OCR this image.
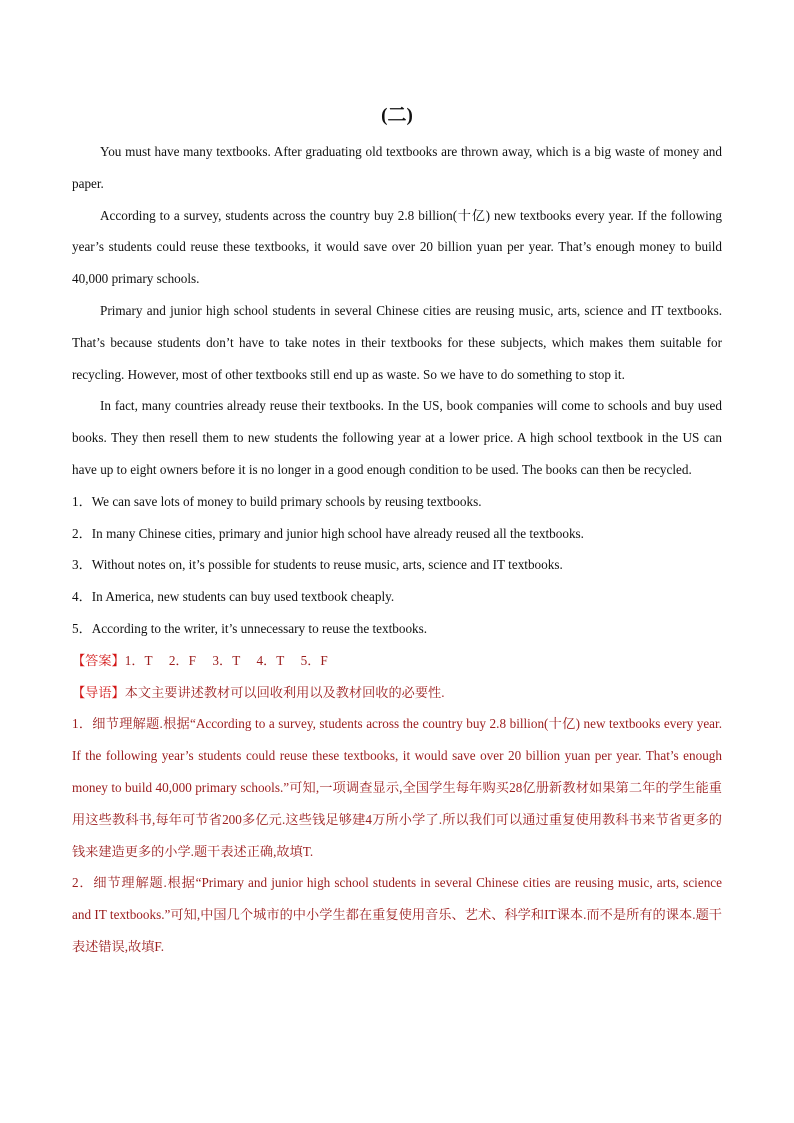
(二)

You must have many textbooks. After graduating old textbooks are thrown away, which is a big waste of money and paper.

According to a survey, students across the country buy 2.8 billion(十亿) new textbooks every year. If the following year’s students could reuse these textbooks, it would save over 20 billion yuan per year. That’s enough money to build 40,000 primary schools.

Primary and junior high school students in several Chinese cities are reusing music, arts, science and IT textbooks. That’s because students don’t have to take notes in their textbooks for these subjects, which makes them suitable for recycling. However, most of other textbooks still end up as waste. So we have to do something to stop it.

In fact, many countries already reuse their textbooks. In the US, book companies will come to schools and buy used books. They then resell them to new students the following year at a lower price. A high school textbook in the US can have up to eight owners before it is no longer in a good enough condition to be used. The books can then be recycled.

1．We can save lots of money to build primary schools by reusing textbooks.

2．In many Chinese cities, primary and junior high school have already reused all the textbooks.

3．Without notes on, it’s possible for students to reuse music, arts, science and IT textbooks.

4．In America, new students can buy used textbook cheaply.

5．According to the writer, it’s unnecessary to reuse the textbooks.

【答案】1．T     2．F     3．T     4．T     5．F

【导语】本文主要讲述教材可以回收利用以及教材回收的必要性.

1．细节理解题.根据“According to a survey, students across the country buy 2.8 billion(十亿) new textbooks every year. If the following year’s students could reuse these textbooks, it would save over 20 billion yuan per year. That’s enough money to build 40,000 primary schools.”可知,一项调查显示,全国学生每年购买28亿册新教材如果第二年的学生能重用这些教科书,每年可节省200多亿元.这些钱足够建4万所小学了.所以我们可以通过重复使用教科书来节省更多的钱来建造更多的小学.题干表述正确,故填T.

2．细节理解题.根据“Primary and junior high school students in several Chinese cities are reusing music, arts, science and IT textbooks.”可知,中国几个城市的中小学生都在重复使用音乐、艺术、科学和IT课本.而不是所有的课本.题干表述错误,故填F.
